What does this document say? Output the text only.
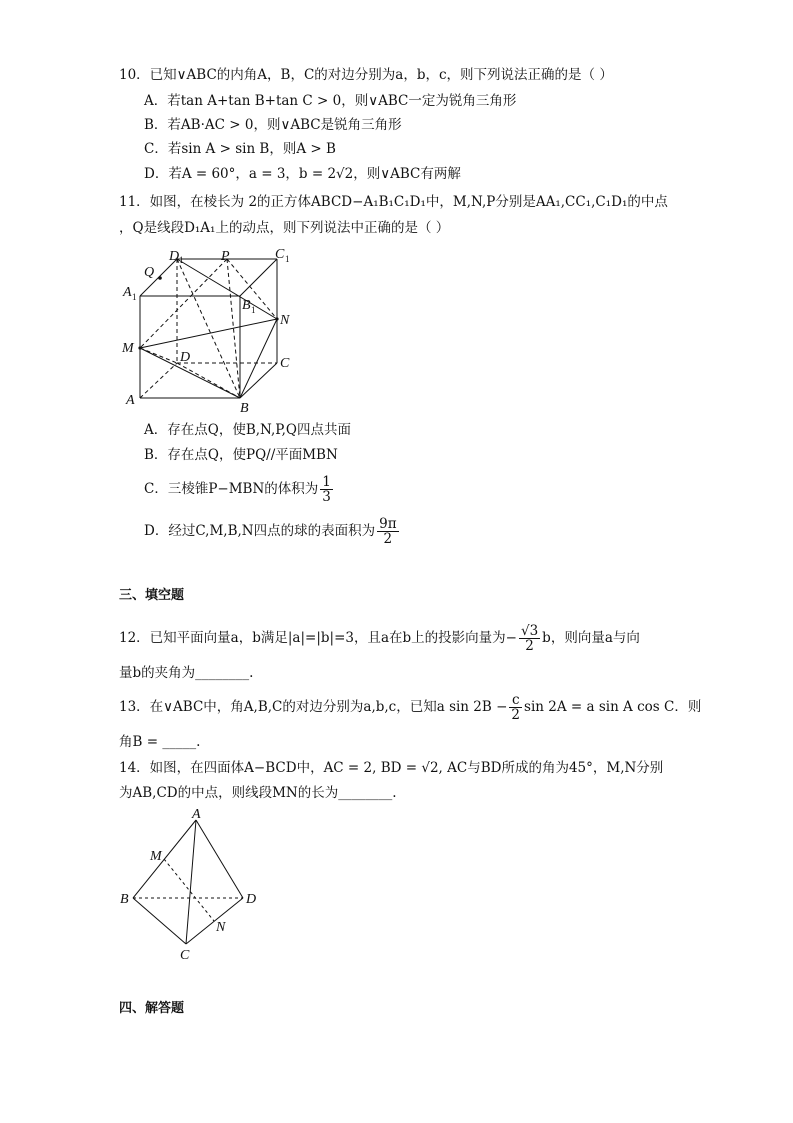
10．已知∨ABC的内角A，B，C的对边分别为a，b，c，则下列说法正确的是（ ）
A．若tan A+tan B+tan C > 0，则∨ABC一定为锐角三角形
B．若AB·AC > 0，则∨ABC是锐角三角形
C．若sin A > sin B，则A > B
D．若A = 60°，a = 3，b = 2√2，则∨ABC有两解
11．如图，在棱长为 2的正方体ABCD−A₁B₁C₁D₁中，M,N,P分别是AA₁,CC₁,C₁D₁的中点
，Q是线段D₁A₁上的动点，则下列说法中正确的是（ ）
Q
D 1	P	C 1
A 1
B 1
N
M
D	C
A
B
A．存在点Q，使B,N,P,Q四点共面
B．存在点Q，使PQ//平面MBN
C．三棱锥P−MBN的体积为 $\frac{1}{3}$
D．经过C,M,B,N四点的球的表面积为 $\frac{9\pi}{2}$
三、填空题
12．已知平面向量a，b满足|a|=|b|=3，且a在b上的投影向量为− $\frac{√3}{2}$ b，则向量a与向
量b的夹角为________.
13．在∨ABC中，角A,B,C的对边分别为a,b,c，已知a $\sin 2B - \frac{c}{2}$ sin 2A = a sin A cos C．则
角B = _____.
14．如图，在四面体A−BCD中，AC = 2, BD = √2, AC与BD所成的角为45°，M,N分别
为AB,CD的中点，则线段MN的长为________.
A
M
B	D
N
C
四、解答题
